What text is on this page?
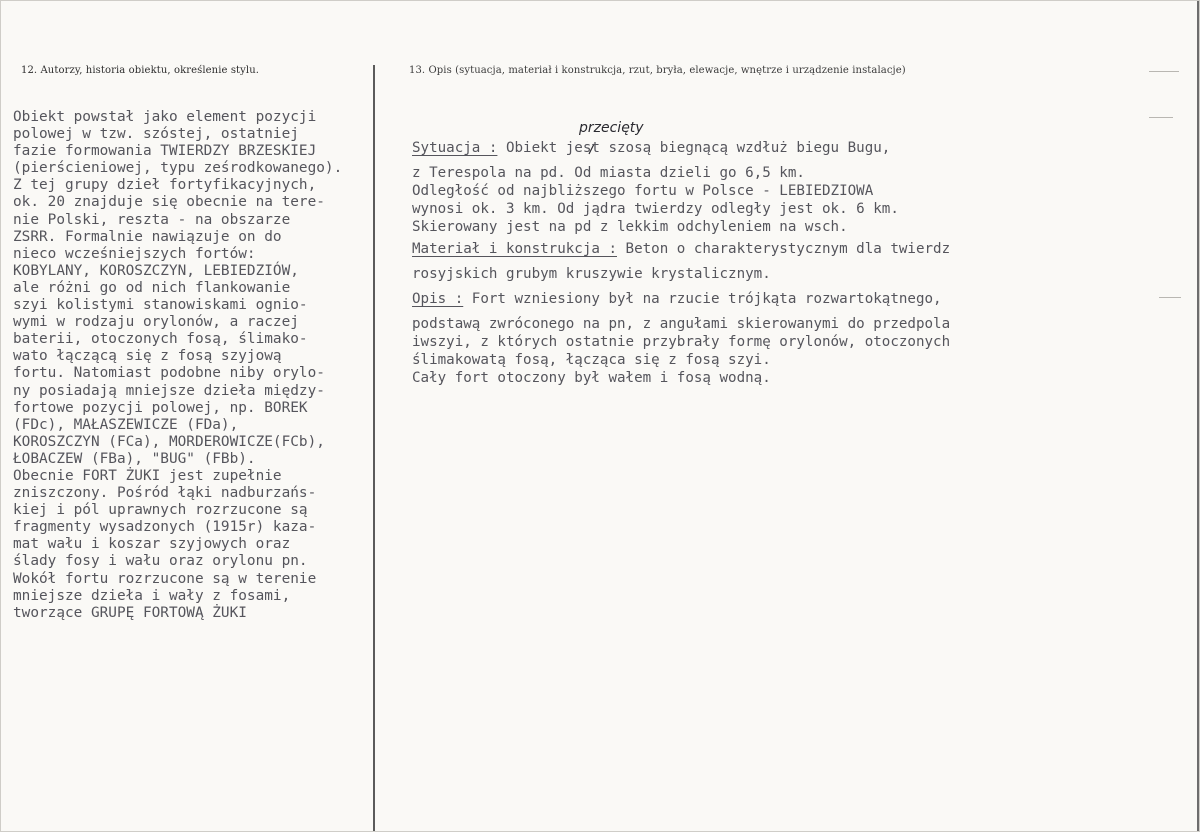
12. Autorzy, historia obiektu, określenie stylu.	13. Opis (sytuacja, materiał i konstrukcja, rzut, bryła, elewacje, wnętrze i urządzenie instalacje)
Obiekt powstał jako element pozycji
polowej w tzw. szóstej, ostatniej
fazie formowania TWIERDZY BRZESKIEJ
(pierścieniowej, typu ześrodkowanego).
Z tej grupy dzieł fortyfikacyjnych,
ok. 20 znajduje się obecnie na tere-
nie Polski, reszta - na obszarze
ZSRR. Formalnie nawiązuje on do
nieco wcześniejszych fortów:
KOBYLANY, KOROSZCZYN, LEBIEDZIÓW,
ale różni go od nich flankowanie
szyi kolistymi stanowiskami ognio-
wymi w rodzaju orylonów, a raczej
baterii, otoczonych fosą, ślimako-
wato łączącą się z fosą szyjową
fortu. Natomiast podobne niby orylo-
ny posiadają mniejsze dzieła między-
fortowe pozycji polowej, np. BOREK
(FDc), MAŁASZEWICZE (FDa),
KOROSZCZYN (FCa), MORDEROWICZE(FCb),
ŁOBACZEW (FBa), "BUG" (FBb).
Obecnie FORT ŻUKI jest zupełnie
zniszczony. Pośród łąki nadburzańs-
kiej i pól uprawnych rozrzucone są
fragmenty wysadzonych (1915r) kaza-
mat wału i koszar szyjowych oraz
ślady fosy i wału oraz orylonu pn.
Wokół fortu rozrzucone są w terenie
mniejsze dzieła i wały z fosami,
tworzące GRUPĘ FORTOWĄ ŻUKI
przecięty
Sytuacja : Obiekt jest szosą biegnącą wzdłuż biegu Bugu,
z Terespola na pd. Od miasta dzieli go 6,5 km.
Odległość od najbliższego fortu w Polsce - LEBIEDZIOWA
wynosi ok. 3 km. Od jądra twierdzy odległy jest ok. 6 km.
Skierowany jest na pd z lekkim odchyleniem na wsch.
Materiał i konstrukcja : Beton o charakterystycznym dla twierdz
rosyjskich grubym kruszywie krystalicznym.
Opis : Fort wzniesiony był na rzucie trójkąta rozwartokątnego,
podstawą zwróconego na pn, z angułami skierowanymi do przedpola
iwszyi, z których ostatnie przybrały formę orylonów, otoczonych
ślimakowatą fosą, łącząca się z fosą szyi.
Cały fort otoczony był wałem i fosą wodną.
